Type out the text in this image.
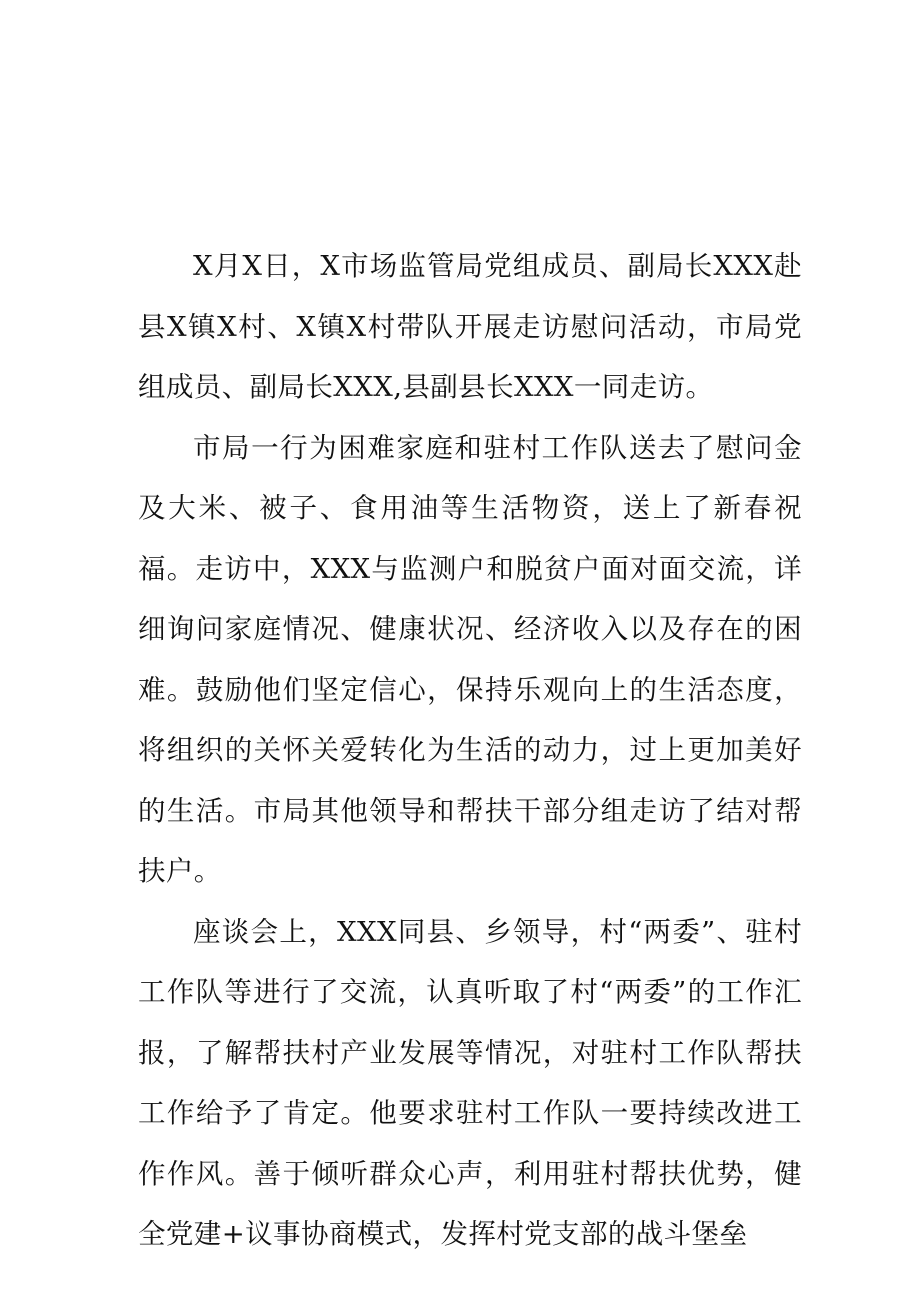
X月X日，X市场监管局党组成员、副局长XXX赴县X镇X村、X镇X村带队开展走访慰问活动，市局党组成员、副局长XXX,县副县长XXX一同走访。

市局一行为困难家庭和驻村工作队送去了慰问金及大米、被子、食用油等生活物资，送上了新春祝福。走访中，XXX与监测户和脱贫户面对面交流，详细询问家庭情况、健康状况、经济收入以及存在的困难。鼓励他们坚定信心，保持乐观向上的生活态度，将组织的关怀关爱转化为生活的动力，过上更加美好的生活。市局其他领导和帮扶干部分组走访了结对帮扶户。

座谈会上，XXX同县、乡领导，村“两委”、驻村工作队等进行了交流，认真听取了村“两委”的工作汇报，了解帮扶村产业发展等情况，对驻村工作队帮扶工作给予了肯定。他要求驻村工作队一要持续改进工作作风。善于倾听群众心声，利用驻村帮扶优势，健全党建+议事协商模式，发挥村党支部的战斗堡垒
